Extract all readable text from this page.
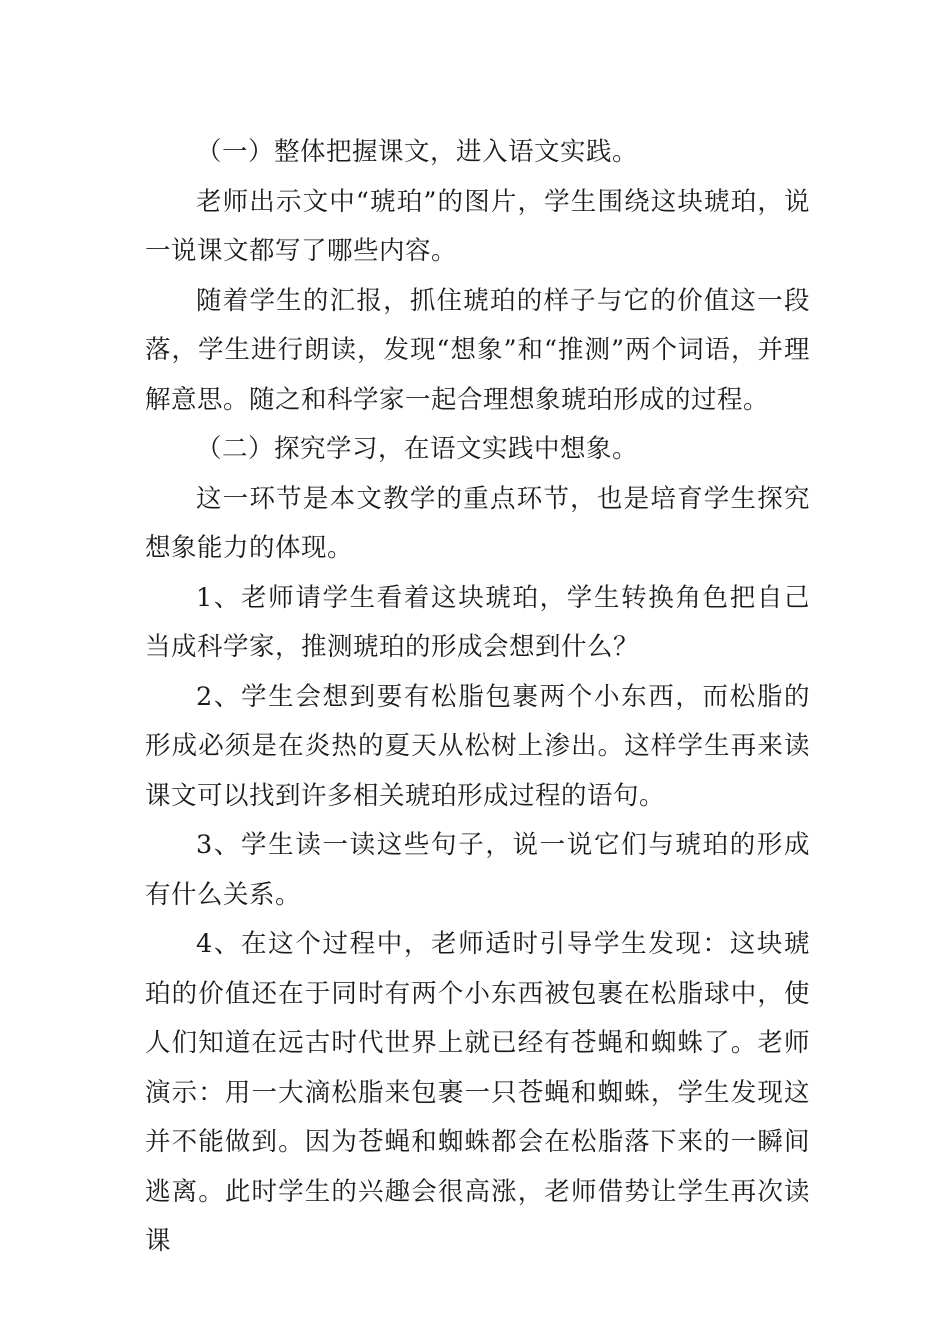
（一）整体把握课文，进入语文实践。

老师出示文中“琥珀”的图片，学生围绕这块琥珀，说一说课文都写了哪些内容。

随着学生的汇报，抓住琥珀的样子与它的价值这一段落，学生进行朗读，发现“想象”和“推测”两个词语，并理解意思。随之和科学家一起合理想象琥珀形成的过程。

（二）探究学习，在语文实践中想象。

这一环节是本文教学的重点环节，也是培育学生探究想象能力的体现。

1、老师请学生看着这块琥珀，学生转换角色把自己当成科学家，推测琥珀的形成会想到什么？

2、学生会想到要有松脂包裹两个小东西，而松脂的形成必须是在炎热的夏天从松树上渗出。这样学生再来读课文可以找到许多相关琥珀形成过程的语句。

3、学生读一读这些句子，说一说它们与琥珀的形成有什么关系。

4、在这个过程中，老师适时引导学生发现：这块琥珀的价值还在于同时有两个小东西被包裹在松脂球中，使人们知道在远古时代世界上就已经有苍蝇和蜘蛛了。老师演示：用一大滴松脂来包裹一只苍蝇和蜘蛛，学生发现这并不能做到。因为苍蝇和蜘蛛都会在松脂落下来的一瞬间逃离。此时学生的兴趣会很高涨，老师借势让学生再次读课
